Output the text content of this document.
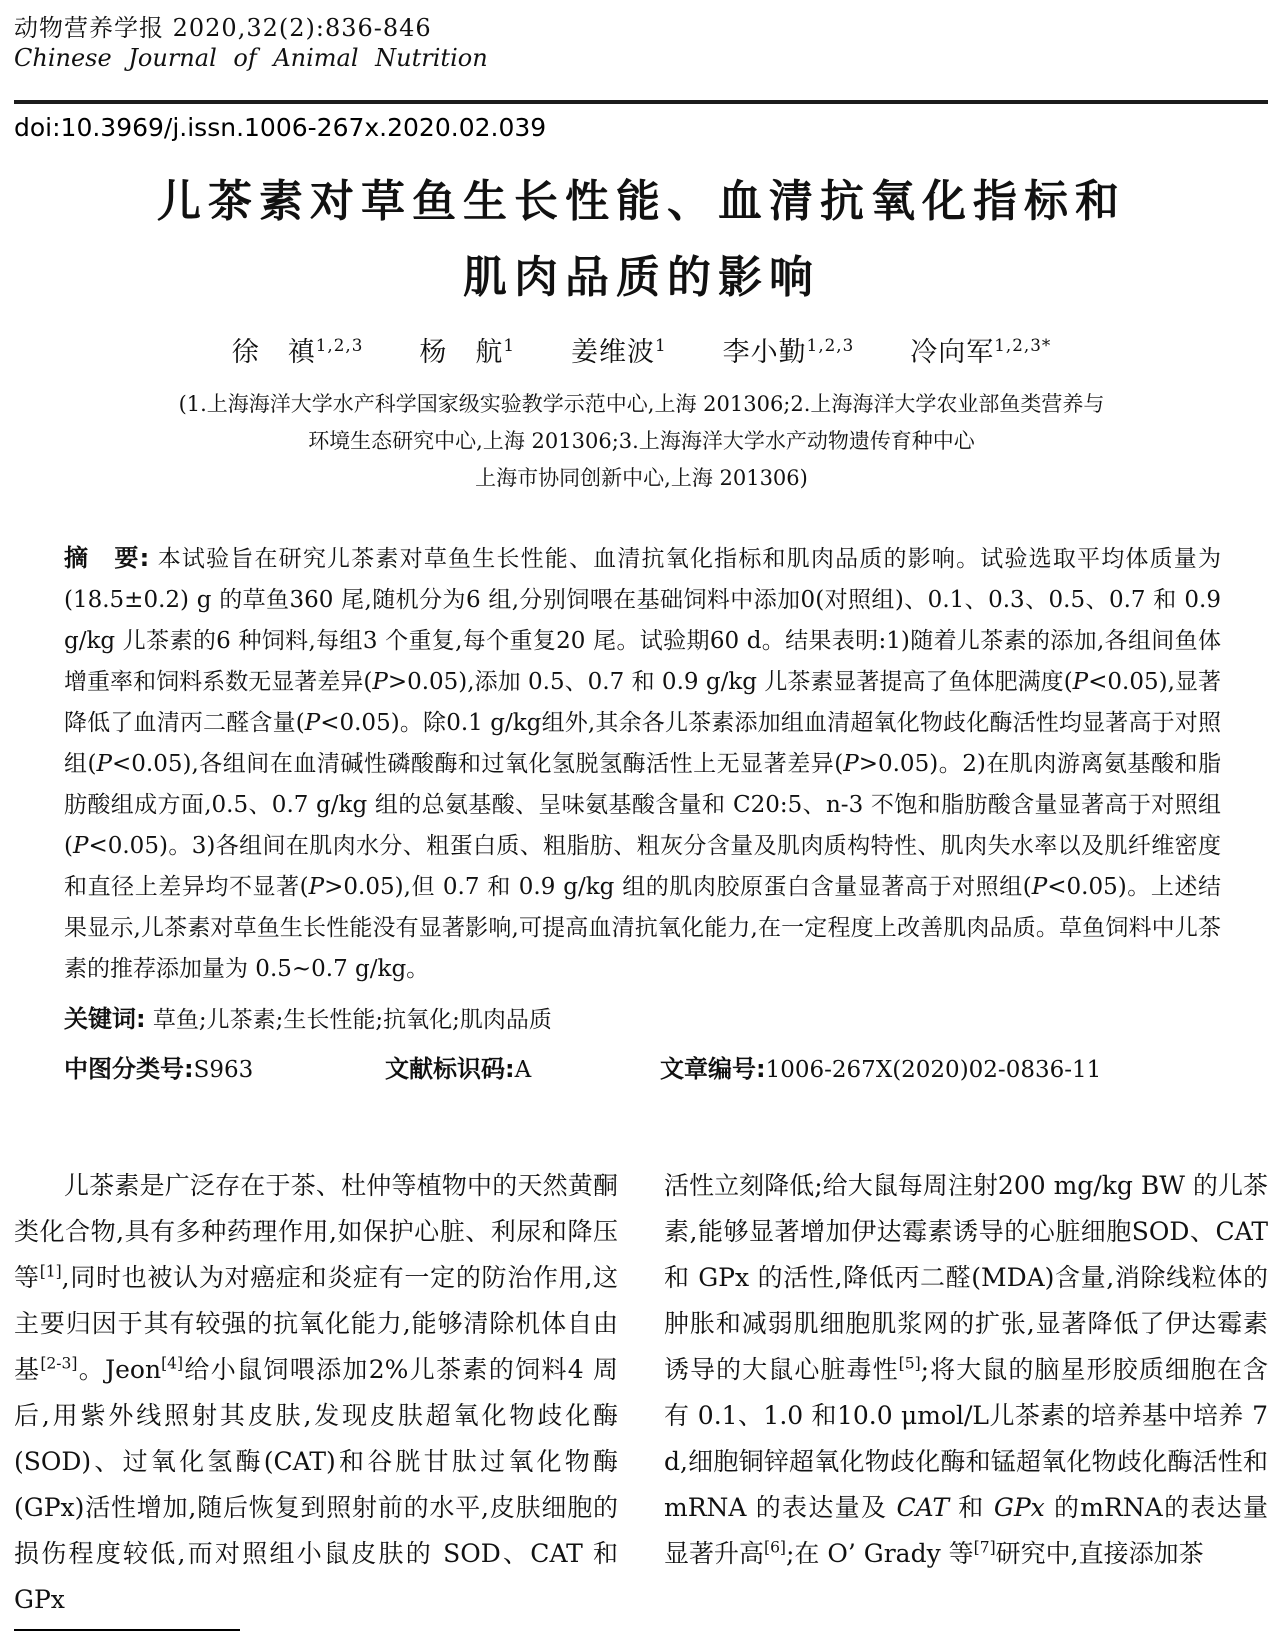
动物营养学报 2020,32(2):836-846
Chinese Journal of Animal Nutrition
doi:10.3969/j.issn.1006-267x.2020.02.039
儿茶素对草鱼生长性能、血清抗氧化指标和
肌肉品质的影响
徐　禛$^{1,2,3}$　　杨　航$^1$　　姜维波$^1$　　李小勤$^{1,2,3}$　　冷向军$^{1,2,3*}$
(1.上海海洋大学水产科学国家级实验教学示范中心,上海 201306;2.上海海洋大学农业部鱼类营养与
环境生态研究中心,上海 201306;3.上海海洋大学水产动物遗传育种中心
上海市协同创新中心,上海 201306)

摘　要: 本试验旨在研究儿茶素对草鱼生长性能、血清抗氧化指标和肌肉品质的影响。试验选取平均体质量为(18.5±0.2) g 的草鱼360 尾,随机分为6 组,分别饲喂在基础饲料中添加0(对照组)、0.1、0.3、0.5、0.7 和 0.9 g/kg 儿茶素的6 种饲料,每组3 个重复,每个重复20 尾。试验期60 d。结果表明:1)随着儿茶素的添加,各组间鱼体增重率和饲料系数无显著差异(P>0.05),添加 0.5、0.7 和 0.9 g/kg 儿茶素显著提高了鱼体肥满度(P<0.05),显著降低了血清丙二醛含量(P<0.05)。除0.1 g/kg组外,其余各儿茶素添加组血清超氧化物歧化酶活性均显著高于对照组(P<0.05),各组间在血清碱性磷酸酶和过氧化氢脱氢酶活性上无显著差异(P>0.05)。2)在肌肉游离氨基酸和脂肪酸组成方面,0.5、0.7 g/kg 组的总氨基酸、呈味氨基酸含量和 C20:5、n-3 不饱和脂肪酸含量显著高于对照组(P<0.05)。3)各组间在肌肉水分、粗蛋白质、粗脂肪、粗灰分含量及肌肉质构特性、肌肉失水率以及肌纤维密度和直径上差异均不显著(P>0.05),但 0.7 和 0.9 g/kg 组的肌肉胶原蛋白含量显著高于对照组(P<0.05)。上述结果显示,儿茶素对草鱼生长性能没有显著影响,可提高血清抗氧化能力,在一定程度上改善肌肉品质。草鱼饲料中儿茶素的推荐添加量为 0.5~0.7 g/kg。

关键词: 草鱼;儿茶素;生长性能;抗氧化;肌肉品质
中图分类号:S963	文献标识码:A	文章编号:1006-267X(2020)02-0836-11

儿茶素是广泛存在于茶、杜仲等植物中的天然黄酮类化合物,具有多种药理作用,如保护心脏、利尿和降压等[1],同时也被认为对癌症和炎症有一定的防治作用,这主要归因于其有较强的抗氧化能力,能够清除机体自由基[2-3]。Jeon[4]给小鼠饲喂添加2%儿茶素的饲料4 周后,用紫外线照射其皮肤,发现皮肤超氧化物歧化酶(SOD)、过氧化氢酶(CAT)和谷胱甘肽过氧化物酶(GPx)活性增加,随后恢复到照射前的水平,皮肤细胞的损伤程度较低,而对照组小鼠皮肤的 SOD、CAT 和 GPx

活性立刻降低;给大鼠每周注射200 mg/kg BW 的儿茶素,能够显著增加伊达霉素诱导的心脏细胞SOD、CAT 和 GPx 的活性,降低丙二醛(MDA)含量,消除线粒体的肿胀和减弱肌细胞肌浆网的扩张,显著降低了伊达霉素诱导的大鼠心脏毒性[5];将大鼠的脑星形胶质细胞在含有 0.1、1.0 和10.0 μmol/L儿茶素的培养基中培养 7 d,细胞铜锌超氧化物歧化酶和锰超氧化物歧化酶活性和mRNA 的表达量及 CAT 和 GPx 的mRNA的表达量显著升高[6];在 O’ Grady 等[7]研究中,直接添加茶
